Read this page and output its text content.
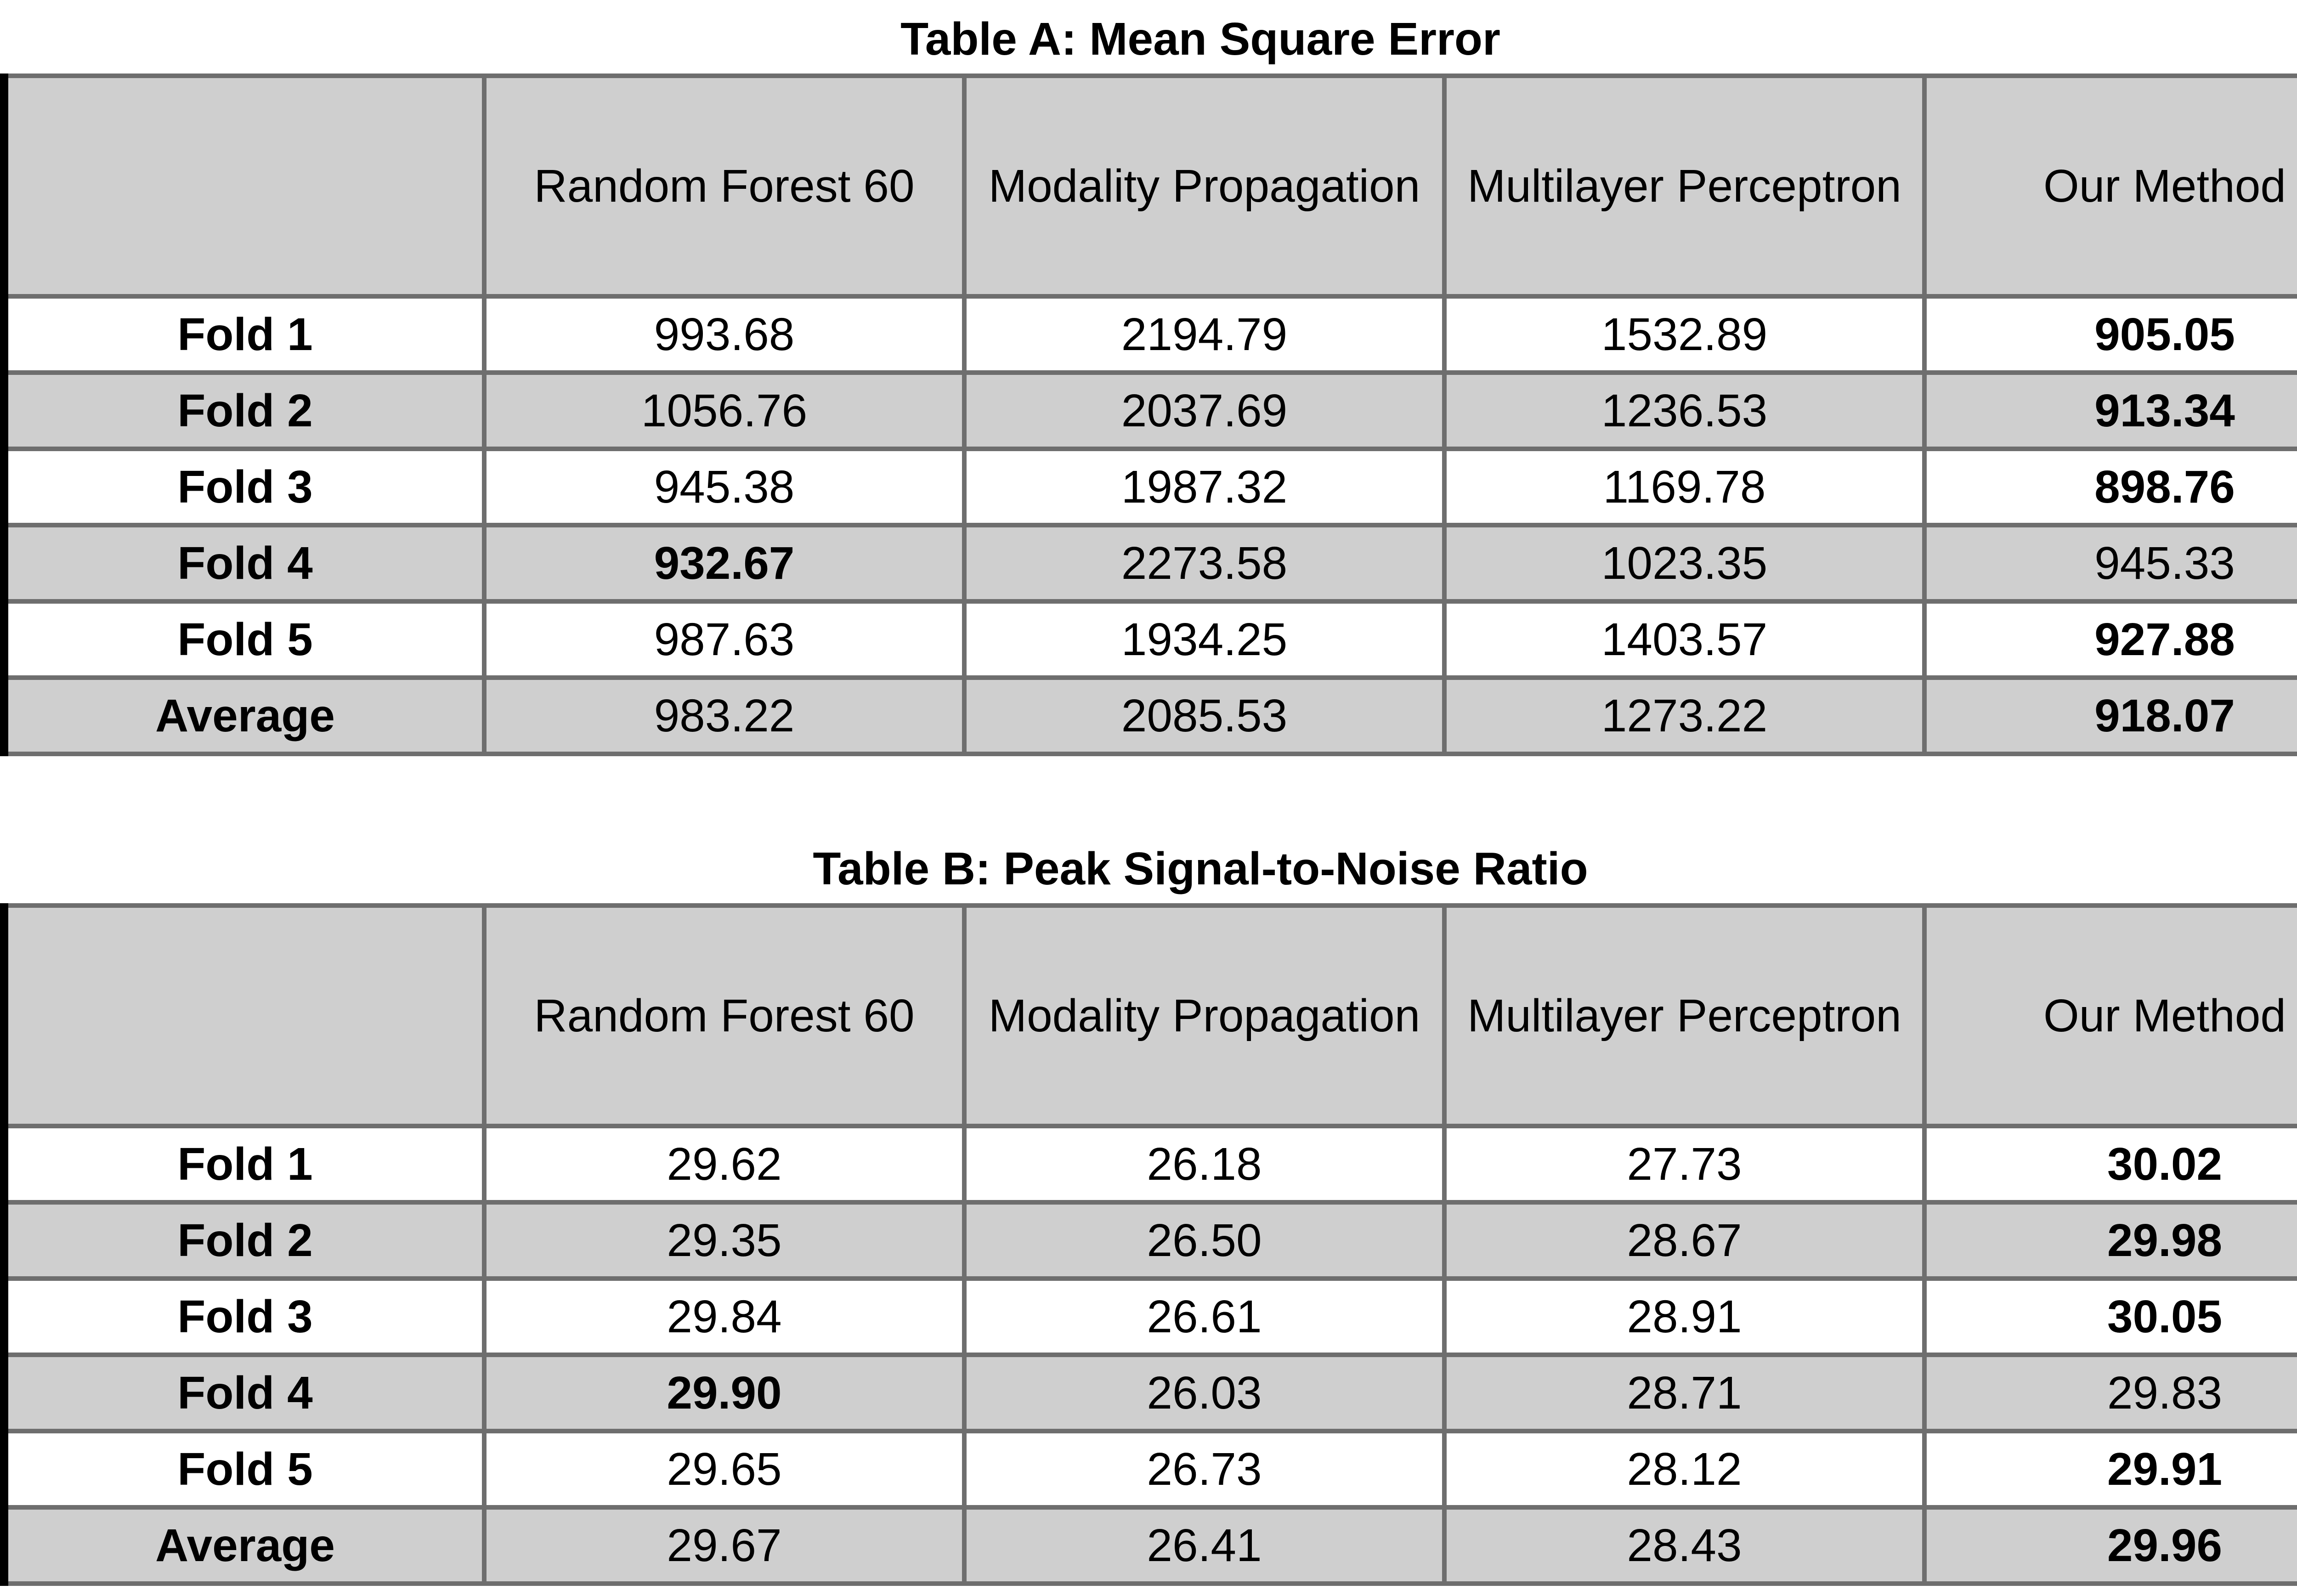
Table A: Mean Square Error
	Random Forest 60	Modality Propagation	Multilayer Perceptron	Our Method
Fold 1	993.68	2194.79	1532.89	905.05
Fold 2	1056.76	2037.69	1236.53	913.34
Fold 3	945.38	1987.32	1169.78	898.76
Fold 4	932.67	2273.58	1023.35	945.33
Fold 5	987.63	1934.25	1403.57	927.88
Average	983.22	2085.53	1273.22	918.07
Table B: Peak Signal-to-Noise Ratio
	Random Forest 60	Modality Propagation	Multilayer Perceptron	Our Method
Fold 1	29.62	26.18	27.73	30.02
Fold 2	29.35	26.50	28.67	29.98
Fold 3	29.84	26.61	28.91	30.05
Fold 4	29.90	26.03	28.71	29.83
Fold 5	29.65	26.73	28.12	29.91
Average	29.67	26.41	28.43	29.96
